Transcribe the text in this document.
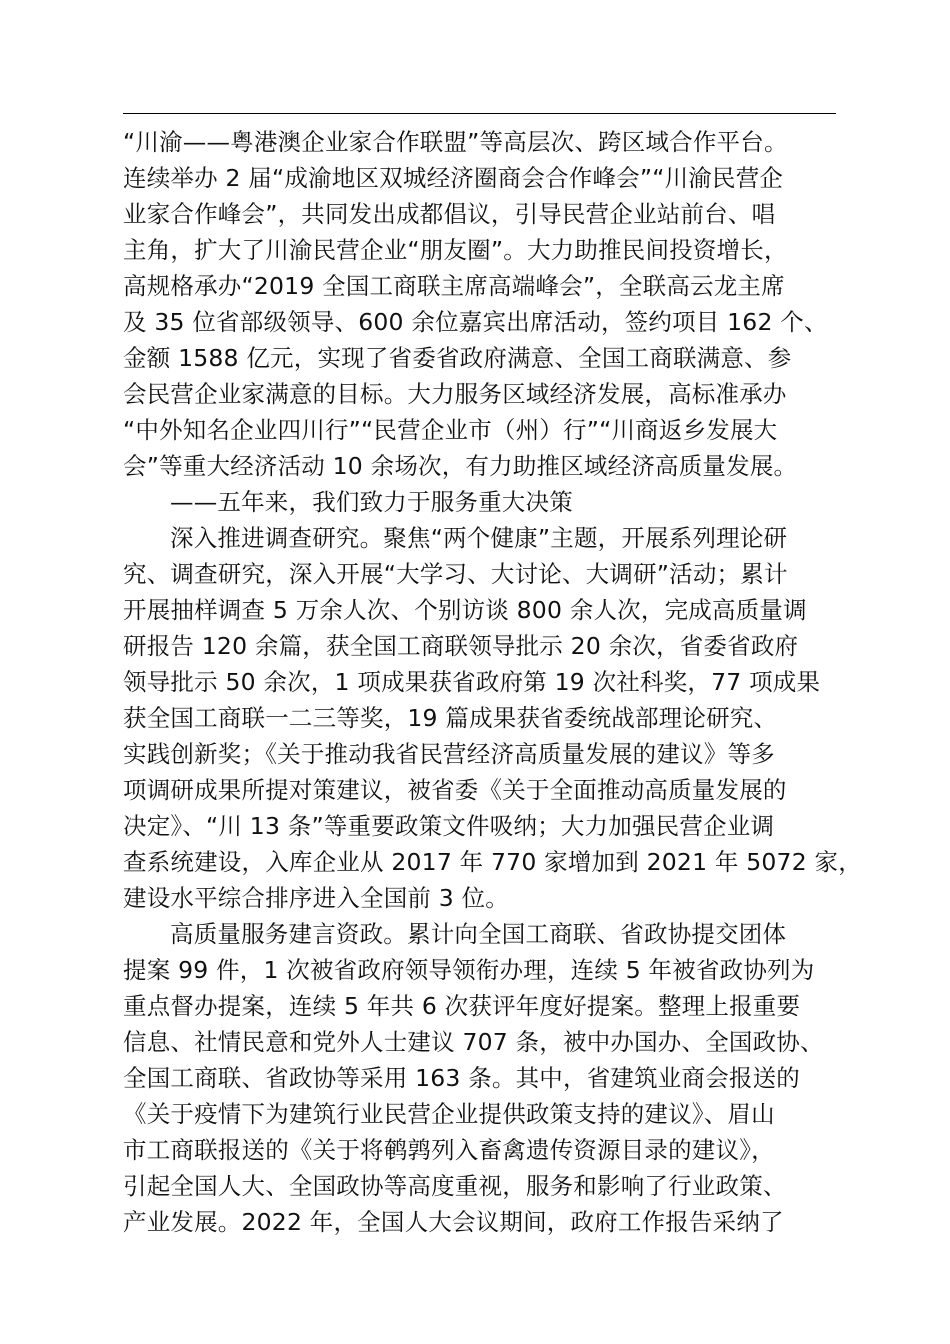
“川渝——粤港澳企业家合作联盟”等高层次、跨区域合作平台。
连续举办 2 届“成渝地区双城经济圈商会合作峰会”“川渝民营企
业家合作峰会”，共同发出成都倡议，引导民营企业站前台、唱
主角，扩大了川渝民营企业“朋友圈”。大力助推民间投资增长，
高规格承办“2019 全国工商联主席高端峰会”，全联高云龙主席
及 35 位省部级领导、600 余位嘉宾出席活动，签约项目 162 个、
金额 1588 亿元，实现了省委省政府满意、全国工商联满意、参
会民营企业家满意的目标。大力服务区域经济发展，高标准承办
“中外知名企业四川行”“民营企业市（州）行”“川商返乡发展大
会”等重大经济活动 10 余场次，有力助推区域经济高质量发展。
——五年来，我们致力于服务重大决策
深入推进调查研究。聚焦“两个健康”主题，开展系列理论研
究、调查研究，深入开展“大学习、大讨论、大调研”活动；累计
开展抽样调查 5 万余人次、个别访谈 800 余人次，完成高质量调
研报告 120 余篇，获全国工商联领导批示 20 余次，省委省政府
领导批示 50 余次，1 项成果获省政府第 19 次社科奖，77 项成果
获全国工商联一二三等奖，19 篇成果获省委统战部理论研究、
实践创新奖；《关于推动我省民营经济高质量发展的建议》等多
项调研成果所提对策建议，被省委《关于全面推动高质量发展的
决定》、“川 13 条”等重要政策文件吸纳；大力加强民营企业调
查系统建设，入库企业从 2017 年 770 家增加到 2021 年 5072 家，
建设水平综合排序进入全国前 3 位。
高质量服务建言资政。累计向全国工商联、省政协提交团体
提案 99 件，1 次被省政府领导领衔办理，连续 5 年被省政协列为
重点督办提案，连续 5 年共 6 次获评年度好提案。整理上报重要
信息、社情民意和党外人士建议 707 条，被中办国办、全国政协、
全国工商联、省政协等采用 163 条。其中，省建筑业商会报送的
《关于疫情下为建筑行业民营企业提供政策支持的建议》、眉山
市工商联报送的《关于将鹌鹑列入畜禽遗传资源目录的建议》，
引起全国人大、全国政协等高度重视，服务和影响了行业政策、
产业发展。2022 年，全国人大会议期间，政府工作报告采纳了
